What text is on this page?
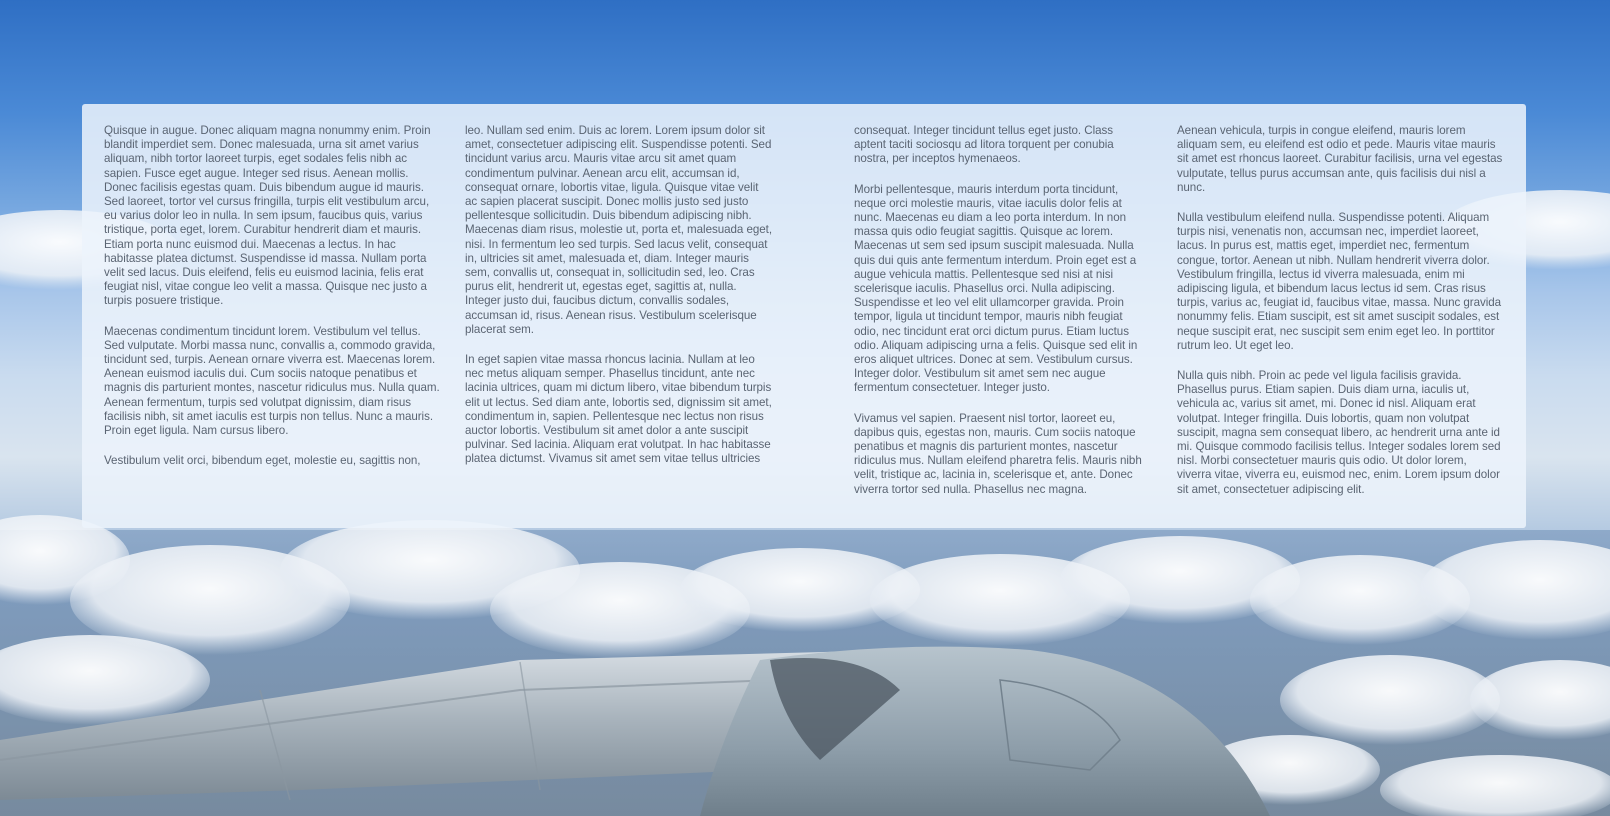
Quisque in augue. Donec aliquam magna nonummy enim. Proin blandit imperdiet sem. Donec malesuada, urna sit amet varius aliquam, nibh tortor laoreet turpis, eget sodales felis nibh ac sapien. Fusce eget augue. Integer sed risus. Aenean mollis. Donec facilisis egestas quam. Duis bibendum augue id mauris. Sed laoreet, tortor vel cursus fringilla, turpis elit vestibulum arcu, eu varius dolor leo in nulla. In sem ipsum, faucibus quis, varius tristique, porta eget, lorem. Curabitur hendrerit diam et mauris. Etiam porta nunc euismod dui. Maecenas a lectus. In hac habitasse platea dictumst. Suspendisse id massa. Nullam porta velit sed lacus. Duis eleifend, felis eu euismod lacinia, felis erat feugiat nisl, vitae congue leo velit a massa. Quisque nec justo a turpis posuere tristique.

Maecenas condimentum tincidunt lorem. Vestibulum vel tellus. Sed vulputate. Morbi massa nunc, convallis a, commodo gravida, tincidunt sed, turpis. Aenean ornare viverra est. Maecenas lorem. Aenean euismod iaculis dui. Cum sociis natoque penatibus et magnis dis parturient montes, nascetur ridiculus mus. Nulla quam. Aenean fermentum, turpis sed volutpat dignissim, diam risus facilisis nibh, sit amet iaculis est turpis non tellus. Nunc a mauris. Proin eget ligula. Nam cursus libero.

Vestibulum velit orci, bibendum eget, molestie eu, sagittis non,

leo. Nullam sed enim. Duis ac lorem. Lorem ipsum dolor sit amet, consectetuer adipiscing elit. Suspendisse potenti. Sed tincidunt varius arcu. Mauris vitae arcu sit amet quam condimentum pulvinar. Aenean arcu elit, accumsan id, consequat ornare, lobortis vitae, ligula. Quisque vitae velit ac sapien placerat suscipit. Donec mollis justo sed justo pellentesque sollicitudin. Duis bibendum adipiscing nibh. Maecenas diam risus, molestie ut, porta et, malesuada eget, nisi. In fermentum leo sed turpis. Sed lacus velit, consequat in, ultricies sit amet, malesuada et, diam. Integer mauris sem, convallis ut, consequat in, sollicitudin sed, leo. Cras purus elit, hendrerit ut, egestas eget, sagittis at, nulla. Integer justo dui, faucibus dictum, convallis sodales, accumsan id, risus. Aenean risus. Vestibulum scelerisque placerat sem.

In eget sapien vitae massa rhoncus lacinia. Nullam at leo nec metus aliquam semper. Phasellus tincidunt, ante nec lacinia ultrices, quam mi dictum libero, vitae bibendum turpis elit ut lectus. Sed diam ante, lobortis sed, dignissim sit amet, condimentum in, sapien. Pellentesque nec lectus non risus auctor lobortis. Vestibulum sit amet dolor a ante suscipit pulvinar. Sed lacinia. Aliquam erat volutpat. In hac habitasse platea dictumst. Vivamus sit amet sem vitae tellus ultricies

consequat. Integer tincidunt tellus eget justo. Class aptent taciti sociosqu ad litora torquent per conubia nostra, per inceptos hymenaeos.

Morbi pellentesque, mauris interdum porta tincidunt, neque orci molestie mauris, vitae iaculis dolor felis at nunc. Maecenas eu diam a leo porta interdum. In non massa quis odio feugiat sagittis. Quisque ac lorem. Maecenas ut sem sed ipsum suscipit malesuada. Nulla quis dui quis ante fermentum interdum. Proin eget est a augue vehicula mattis. Pellentesque sed nisi at nisi scelerisque iaculis. Phasellus orci. Nulla adipiscing. Suspendisse et leo vel elit ullamcorper gravida. Proin tempor, ligula ut tincidunt tempor, mauris nibh feugiat odio, nec tincidunt erat orci dictum purus. Etiam luctus odio. Aliquam adipiscing urna a felis. Quisque sed elit in eros aliquet ultrices. Donec at sem. Vestibulum cursus. Integer dolor. Vestibulum sit amet sem nec augue fermentum consectetuer. Integer justo.

Vivamus vel sapien. Praesent nisl tortor, laoreet eu, dapibus quis, egestas non, mauris. Cum sociis natoque penatibus et magnis dis parturient montes, nascetur ridiculus mus. Nullam eleifend pharetra felis. Mauris nibh velit, tristique ac, lacinia in, scelerisque et, ante. Donec viverra tortor sed nulla. Phasellus nec magna.

Aenean vehicula, turpis in congue eleifend, mauris lorem aliquam sem, eu eleifend est odio et pede. Mauris vitae mauris sit amet est rhoncus laoreet. Curabitur facilisis, urna vel egestas vulputate, tellus purus accumsan ante, quis facilisis dui nisl a nunc.

Nulla vestibulum eleifend nulla. Suspendisse potenti. Aliquam turpis nisi, venenatis non, accumsan nec, imperdiet laoreet, lacus. In purus est, mattis eget, imperdiet nec, fermentum congue, tortor. Aenean ut nibh. Nullam hendrerit viverra dolor. Vestibulum fringilla, lectus id viverra malesuada, enim mi adipiscing ligula, et bibendum lacus lectus id sem. Cras risus turpis, varius ac, feugiat id, faucibus vitae, massa. Nunc gravida nonummy felis. Etiam suscipit, est sit amet suscipit sodales, est neque suscipit erat, nec suscipit sem enim eget leo. In porttitor rutrum leo. Ut eget leo.

Nulla quis nibh. Proin ac pede vel ligula facilisis gravida. Phasellus purus. Etiam sapien. Duis diam urna, iaculis ut, vehicula ac, varius sit amet, mi. Donec id nisl. Aliquam erat volutpat. Integer fringilla. Duis lobortis, quam non volutpat suscipit, magna sem consequat libero, ac hendrerit urna ante id mi. Quisque commodo facilisis tellus. Integer sodales lorem sed nisl. Morbi consectetuer mauris quis odio. Ut dolor lorem, viverra vitae, viverra eu, euismod nec, enim. Lorem ipsum dolor sit amet, consectetuer adipiscing elit.
